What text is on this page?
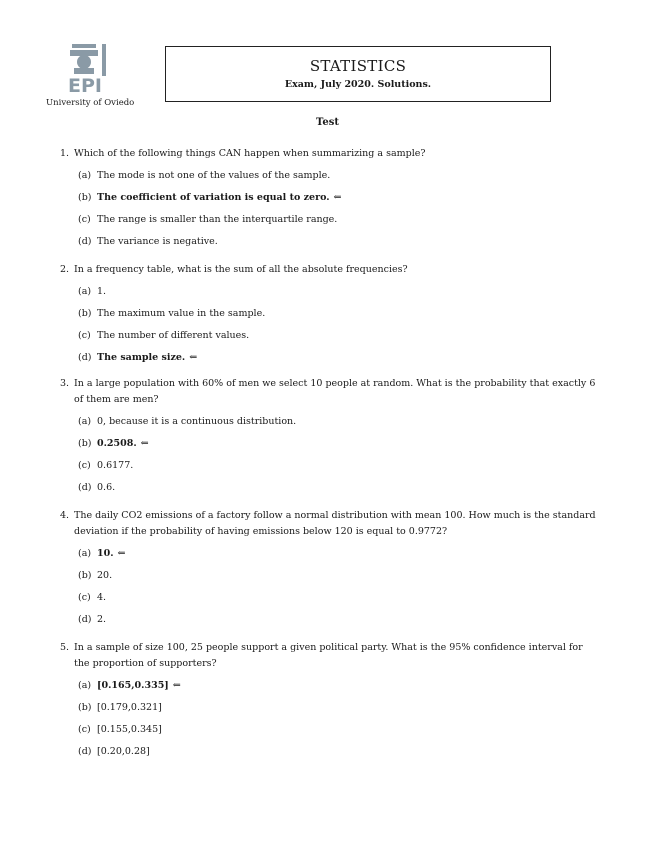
EPI
University of Oviedo
STATISTICS
Exam, July 2020. Solutions.
Test
1. Which of the following things CAN happen when summarizing a sample?
(a) The mode is not one of the values of the sample.
(b) The coefficient of variation is equal to zero. ⇐
(c) The range is smaller than the interquartile range.
(d) The variance is negative.
2. In a frequency table, what is the sum of all the absolute frequencies?
(a) 1.
(b) The maximum value in the sample.
(c) The number of different values.
(d) The sample size. ⇐
3. In a large population with 60% of men we select 10 people at random. What is the probability that exactly 6 of them are men?
(a) 0, because it is a continuous distribution.
(b) 0.2508. ⇐
(c) 0.6177.
(d) 0.6.
4. The daily CO2 emissions of a factory follow a normal distribution with mean 100. How much is the standard deviation if the probability of having emissions below 120 is equal to 0.9772?
(a) 10. ⇐
(b) 20.
(c) 4.
(d) 2.
5. In a sample of size 100, 25 people support a given political party. What is the 95% confidence interval for the proportion of supporters?
(a) [0.165,0.335] ⇐
(b) [0.179,0.321]
(c) [0.155,0.345]
(d) [0.20,0.28]
